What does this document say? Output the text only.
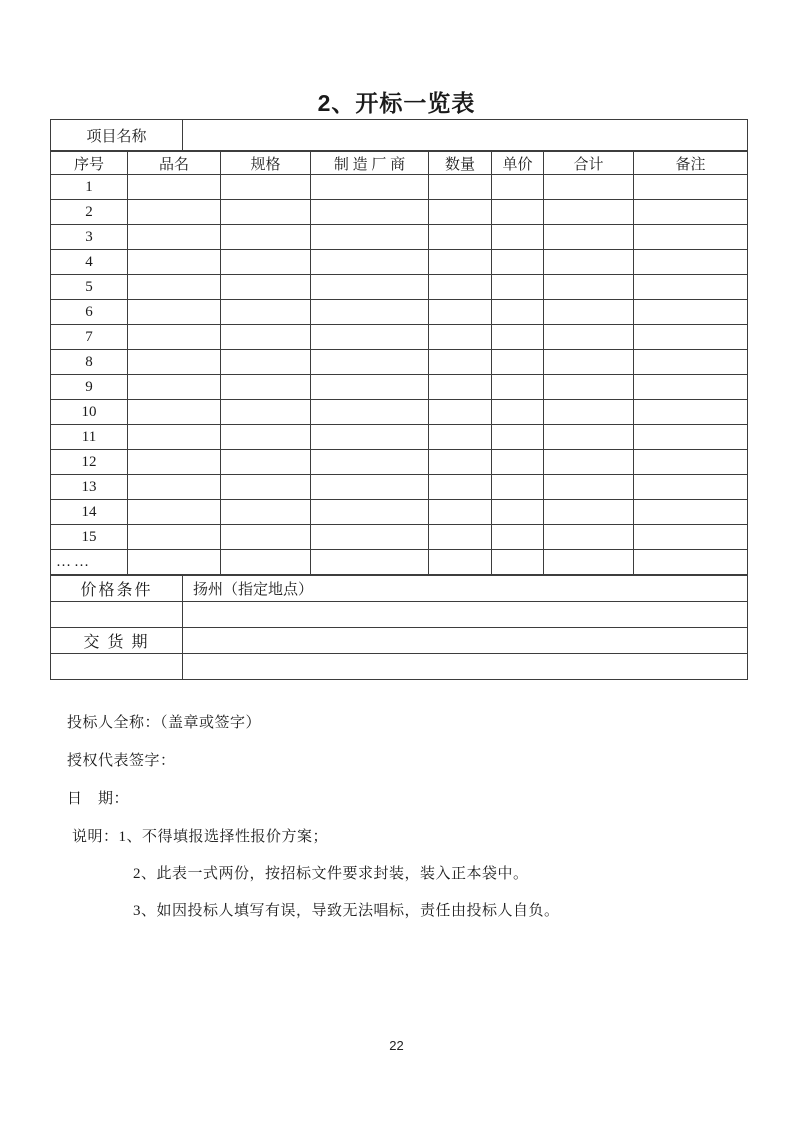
2、开标一览表
项目名称	
序号	品名	规格	制 造 厂 商	数量	单价	合计	备注
1							
2							
3							
4							
5							
6							
7							
8							
9							
10							
11							
12							
13							
14							
15							
……							
价格条件	扬州（指定地点）

交 货 期	

投标人全称：（盖章或签字）
授权代表签字：
日　期：
说明：1、不得填报选择性报价方案；
2、此表一式两份，按招标文件要求封装，装入正本袋中。
3、如因投标人填写有误，导致无法唱标，责任由投标人自负。
22
